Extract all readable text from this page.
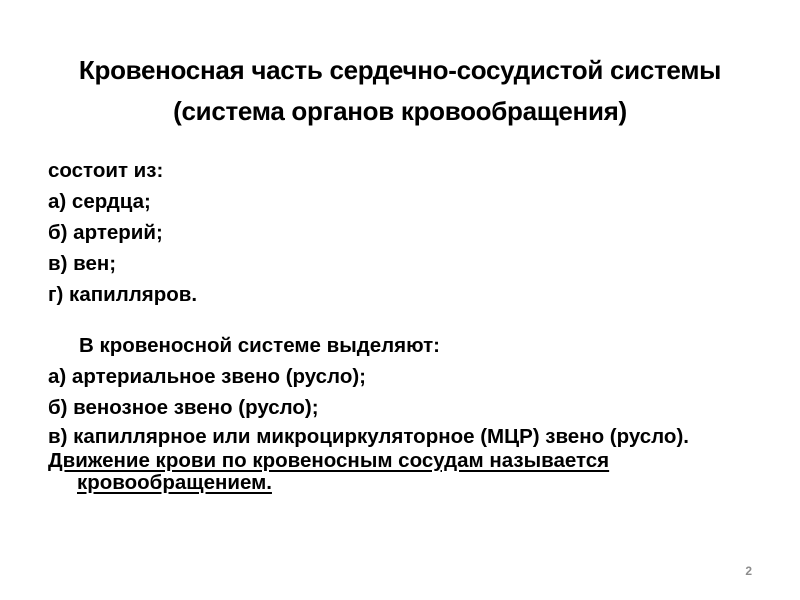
Кровеносная часть сердечно-сосудистой системы
(система органов кровообращения)
состоит из:
а) сердца;
б) артерий;
в) вен;
г) капилляров.
В кровеносной системе выделяют:
а) артериальное звено (русло);
б) венозное звено (русло);
в) капиллярное или микроциркуляторное (МЦР) звено (русло).
Движение крови по кровеносным сосудам называется кровообращением.
2
